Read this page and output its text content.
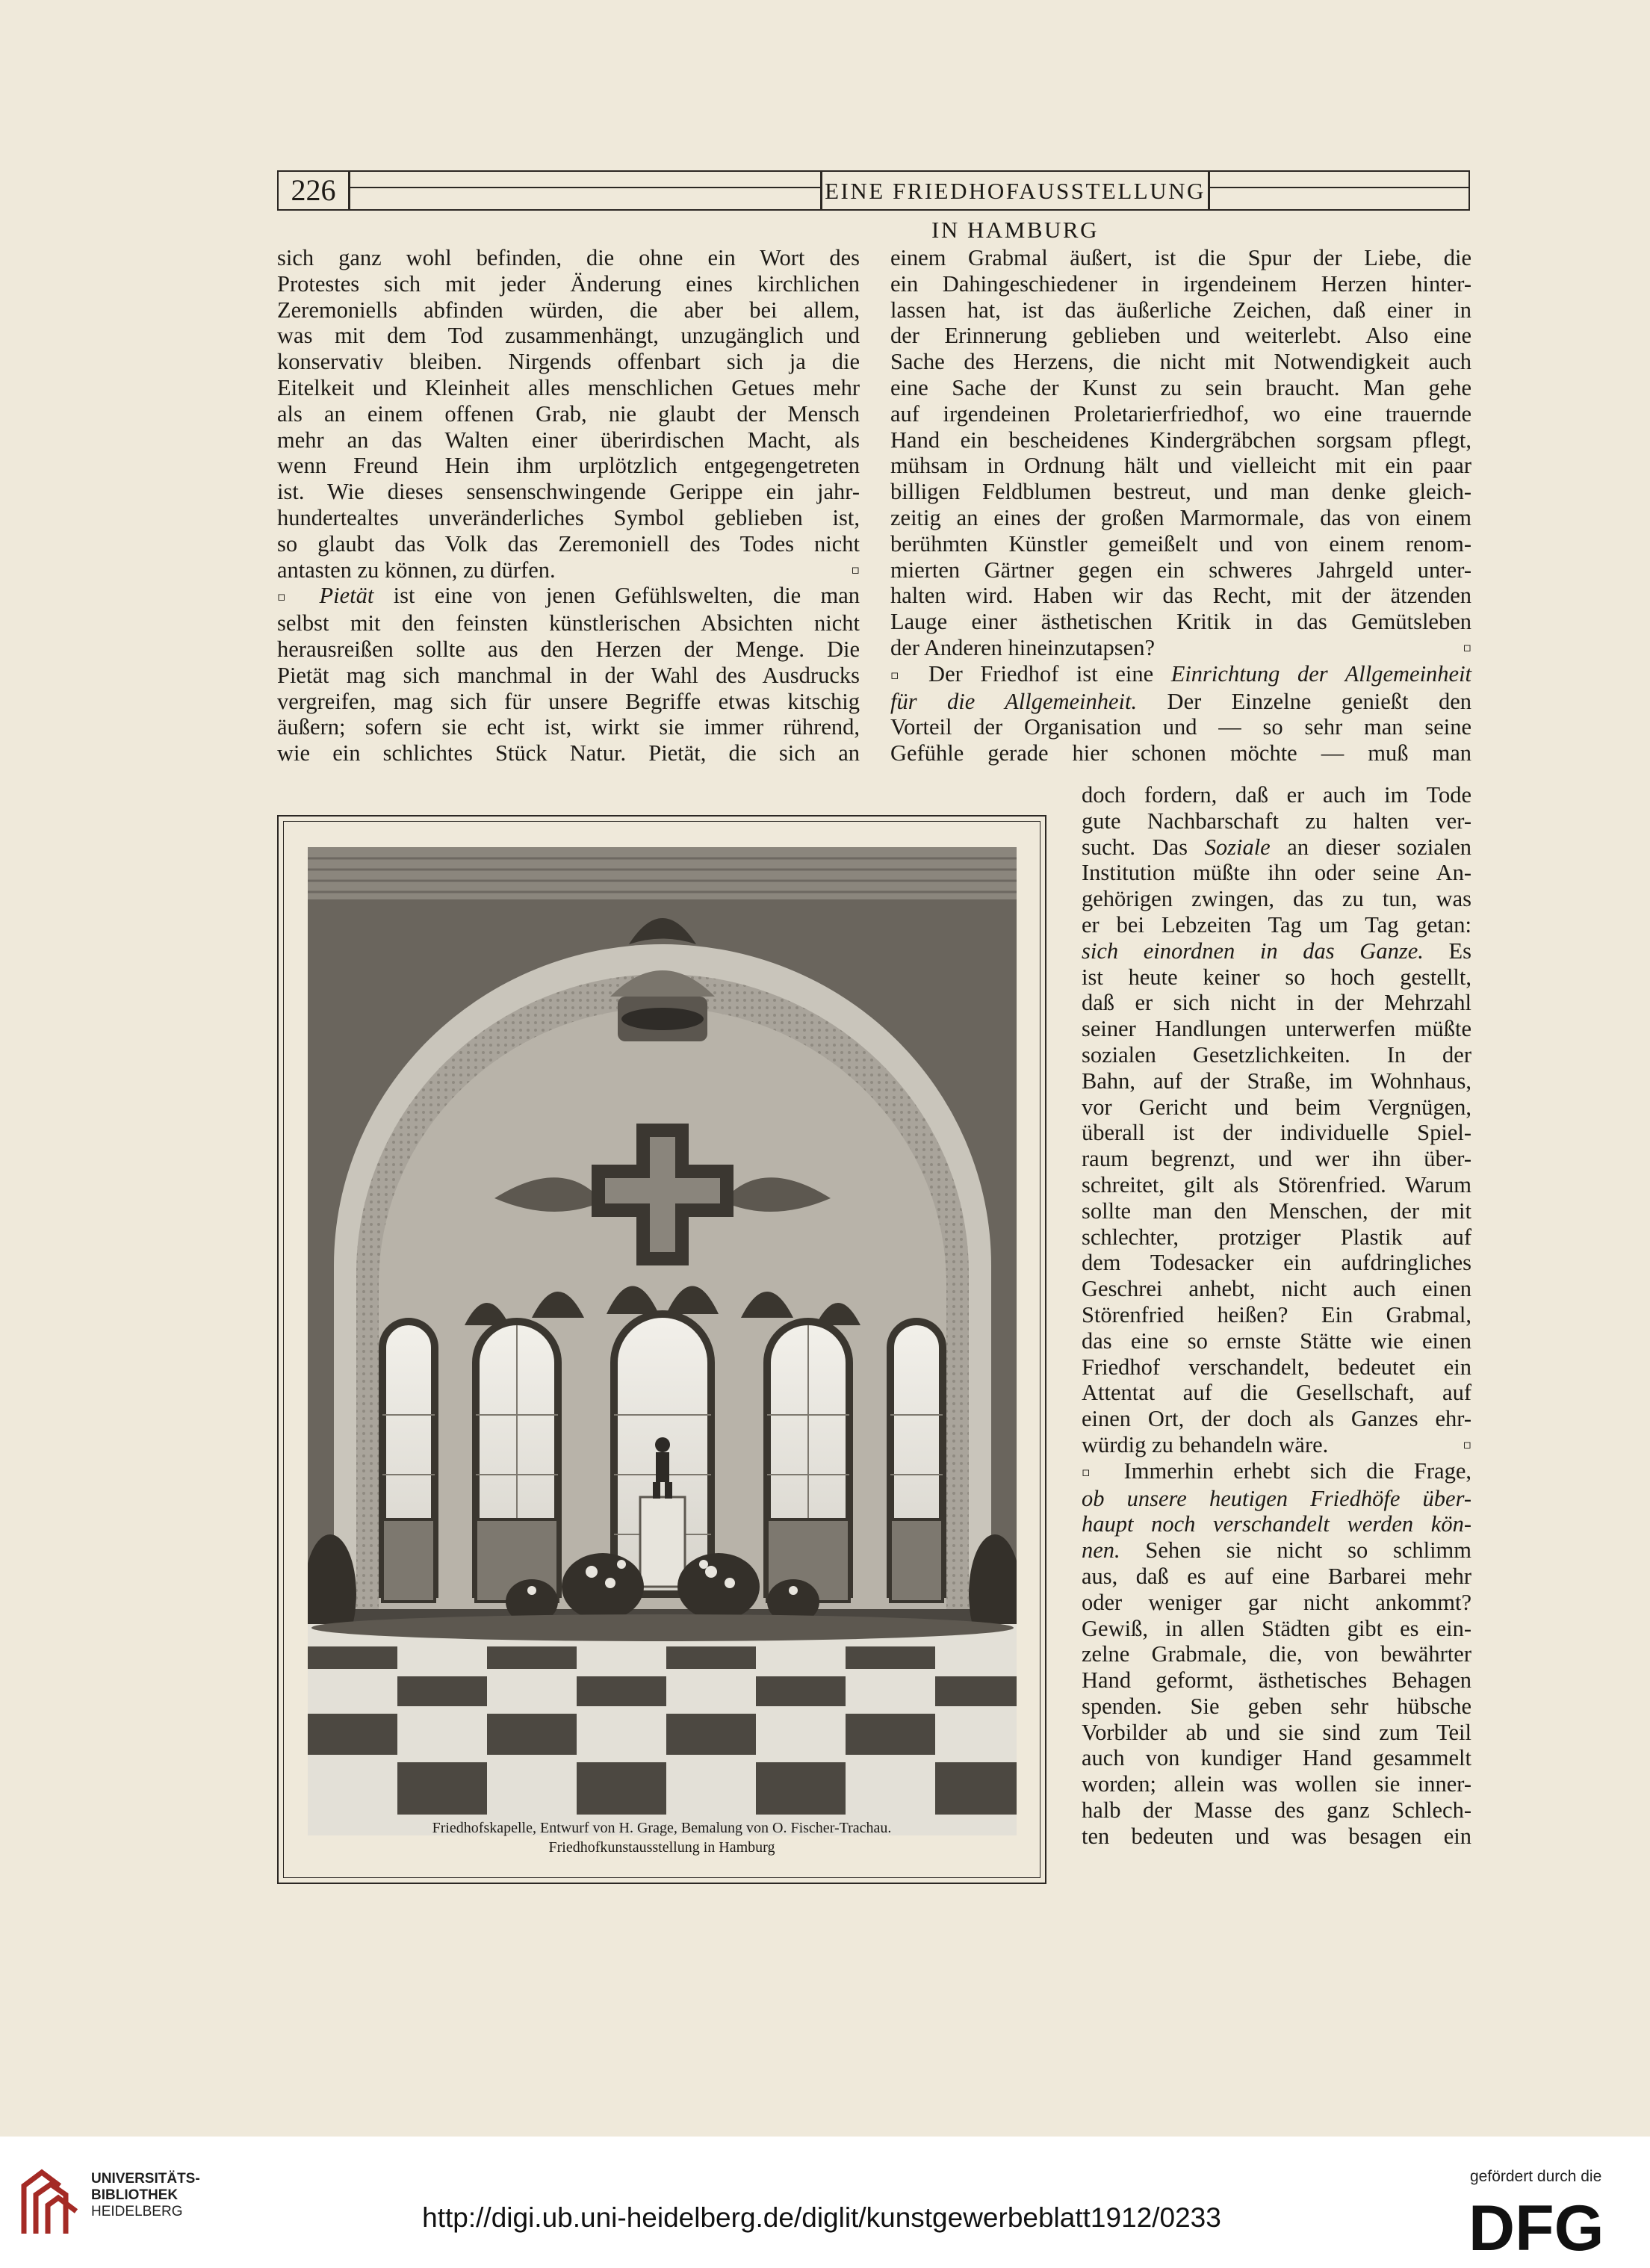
226	EINE FRIEDHOFAUSSTELLUNG IN HAMBURG
sich ganz wohl befinden, die ohne ein Wort des
Protestes sich mit jeder Änderung eines kirchlichen
Zeremoniells abfinden würden, die aber bei allem,
was mit dem Tod zusammenhängt, unzugänglich und
konservativ bleiben. Nirgends offenbart sich ja die
Eitelkeit und Kleinheit alles menschlichen Getues mehr
als an einem offenen Grab, nie glaubt der Mensch
mehr an das Walten einer überirdischen Macht, als
wenn Freund Hein ihm urplötzlich entgegengetreten
ist. Wie dieses sensenschwingende Gerippe ein jahr-
hundertealtes unveränderliches Symbol geblieben ist,
so glaubt das Volk das Zeremoniell des Todes nicht
antasten zu können, zu dürfen.	▫
▫ Pietät ist eine von jenen Gefühlswelten, die man
selbst mit den feinsten künstlerischen Absichten nicht
herausreißen sollte aus den Herzen der Menge. Die
Pietät mag sich manchmal in der Wahl des Ausdrucks
vergreifen, mag sich für unsere Begriffe etwas kitschig
äußern; sofern sie echt ist, wirkt sie immer rührend,
wie ein schlichtes Stück Natur. Pietät, die sich an
einem Grabmal äußert, ist die Spur der Liebe, die
ein Dahingeschiedener in irgendeinem Herzen hinter-
lassen hat, ist das äußerliche Zeichen, daß einer in
der Erinnerung geblieben und weiterlebt. Also eine
Sache des Herzens, die nicht mit Notwendigkeit auch
eine Sache der Kunst zu sein braucht. Man gehe
auf irgendeinen Proletarierfriedhof, wo eine trauernde
Hand ein bescheidenes Kindergräbchen sorgsam pflegt,
mühsam in Ordnung hält und vielleicht mit ein paar
billigen Feldblumen bestreut, und man denke gleich-
zeitig an eines der großen Marmormale, das von einem
berühmten Künstler gemeißelt und von einem renom-
mierten Gärtner gegen ein schweres Jahrgeld unter-
halten wird. Haben wir das Recht, mit der ätzenden
Lauge einer ästhetischen Kritik in das Gemütsleben
der Anderen hineinzutapsen?	▫
▫ Der Friedhof ist eine Einrichtung der Allgemeinheit
für die Allgemeinheit. Der Einzelne genießt den
Vorteil der Organisation und — so sehr man seine
Gefühle gerade hier schonen möchte — muß man
doch fordern, daß er auch im Tode
gute Nachbarschaft zu halten ver-
sucht. Das Soziale an dieser sozialen
Institution müßte ihn oder seine An-
gehörigen zwingen, das zu tun, was
er bei Lebzeiten Tag um Tag getan:
sich einordnen in das Ganze. Es
ist heute keiner so hoch gestellt,
daß er sich nicht in der Mehrzahl
seiner Handlungen unterwerfen müßte
sozialen Gesetzlichkeiten. In der
Bahn, auf der Straße, im Wohnhaus,
vor Gericht und beim Vergnügen,
überall ist der individuelle Spiel-
raum begrenzt, und wer ihn über-
schreitet, gilt als Störenfried. Warum
sollte man den Menschen, der mit
schlechter, protziger Plastik auf
dem Todesacker ein aufdringliches
Geschrei anhebt, nicht auch einen
Störenfried heißen? Ein Grabmal,
das eine so ernste Stätte wie einen
Friedhof verschandelt, bedeutet ein
Attentat auf die Gesellschaft, auf
einen Ort, der doch als Ganzes ehr-
würdig zu behandeln wäre.	▫
▫ Immerhin erhebt sich die Frage,
ob unsere heutigen Friedhöfe über-
haupt noch verschandelt werden kön-
nen. Sehen sie nicht so schlimm
aus, daß es auf eine Barbarei mehr
oder weniger gar nicht ankommt?
Gewiß, in allen Städten gibt es ein-
zelne Grabmale, die, von bewährter
Hand geformt, ästhetisches Behagen
spenden. Sie geben sehr hübsche
Vorbilder ab und sie sind zum Teil
auch von kundiger Hand gesammelt
worden; allein was wollen sie inner-
halb der Masse des ganz Schlech-
ten bedeuten und was besagen ein
Friedhofskapelle, Entwurf von H. Grage, Bemalung von O. Fischer-Trachau.
Friedhofkunstausstellung in Hamburg
UNIVERSITÄTS-
BIBLIOTHEK
HEIDELBERG	http://digi.ub.uni-heidelberg.de/diglit/kunstgewerbeblatt1912/0233
gefördert durch die
DFG
